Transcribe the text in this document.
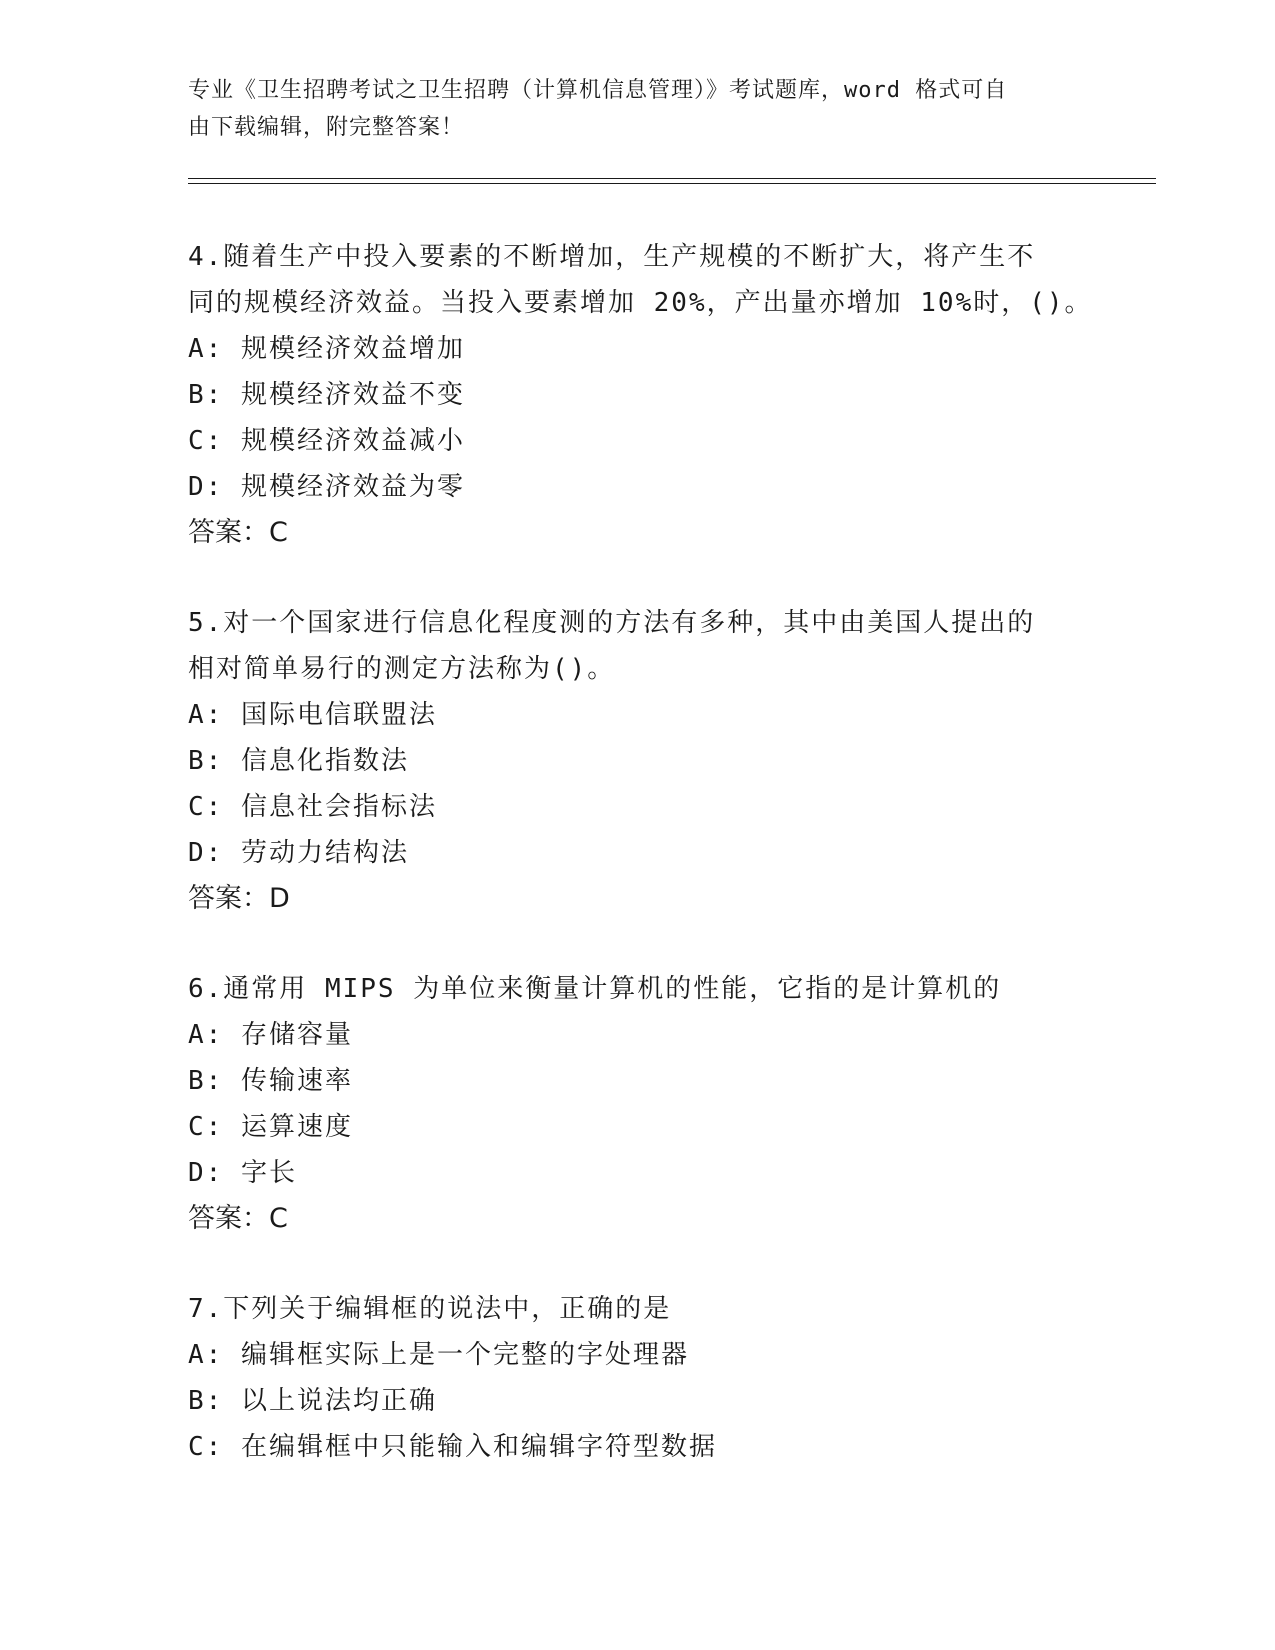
专业《卫生招聘考试之卫生招聘（计算机信息管理）》考试题库，word 格式可自
由下载编辑，附完整答案！
4.随着生产中投入要素的不断增加，生产规模的不断扩大，将产生不
同的规模经济效益。当投入要素增加 20%，产出量亦增加 10%时，()。
A: 规模经济效益增加
B: 规模经济效益不变
C: 规模经济效益减小
D: 规模经济效益为零
答案：C
5.对一个国家进行信息化程度测的方法有多种，其中由美国人提出的
相对简单易行的测定方法称为()。
A: 国际电信联盟法
B: 信息化指数法
C: 信息社会指标法
D: 劳动力结构法
答案：D
6.通常用 MIPS 为单位来衡量计算机的性能，它指的是计算机的
A: 存储容量
B: 传输速率
C: 运算速度
D: 字长
答案：C
7.下列关于编辑框的说法中，正确的是
A: 编辑框实际上是一个完整的字处理器
B: 以上说法均正确
C: 在编辑框中只能输入和编辑字符型数据
